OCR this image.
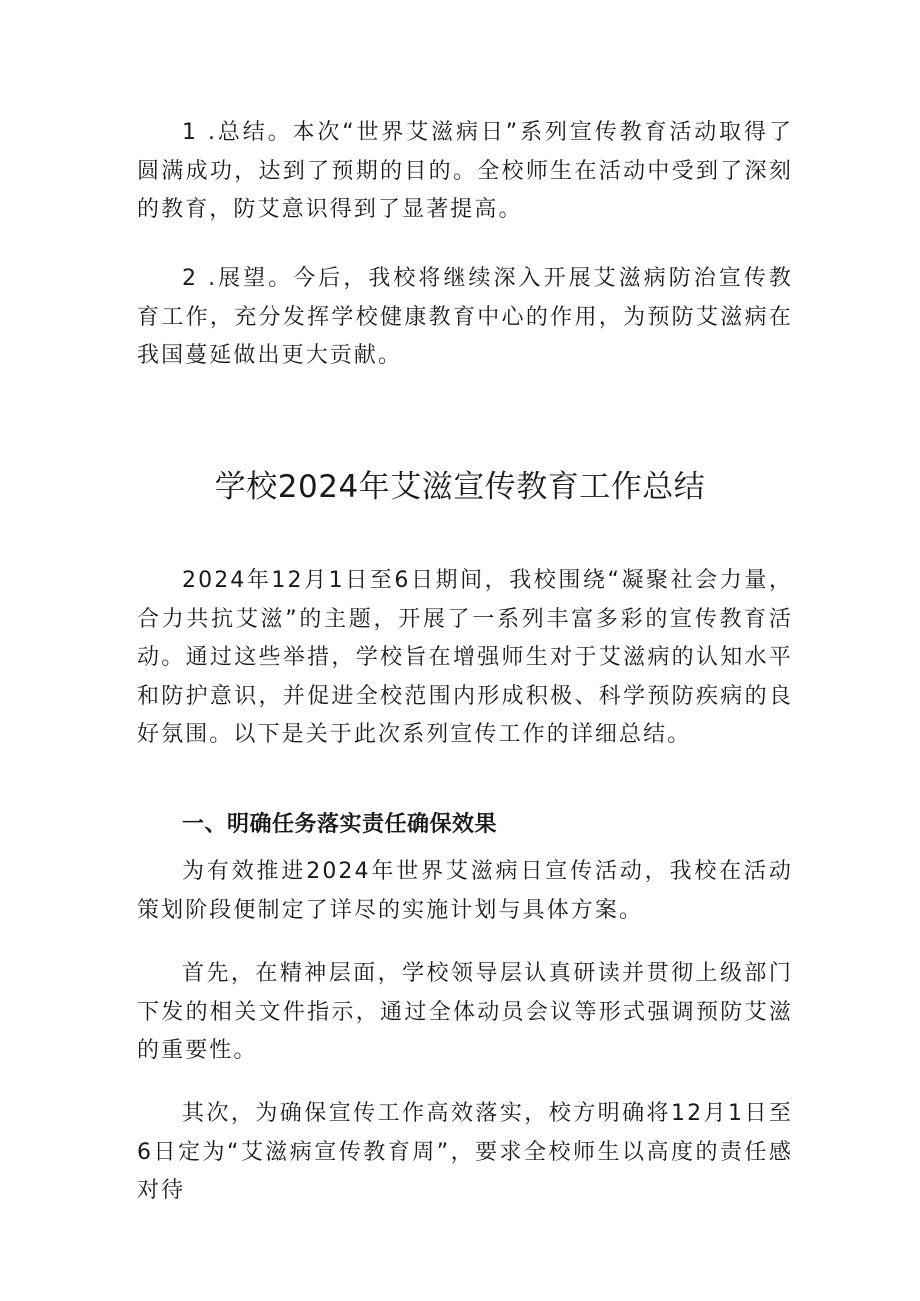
1 .总结。本次“世界艾滋病日”系列宣传教育活动取得了圆满成功，达到了预期的目的。全校师生在活动中受到了深刻的教育，防艾意识得到了显著提高。

2 .展望。今后，我校将继续深入开展艾滋病防治宣传教育工作，充分发挥学校健康教育中心的作用，为预防艾滋病在我国蔓延做出更大贡献。

学校2024年艾滋宣传教育工作总结

2024年12月1日至6日期间，我校围绕“凝聚社会力量，合力共抗艾滋”的主题，开展了一系列丰富多彩的宣传教育活动。通过这些举措，学校旨在增强师生对于艾滋病的认知水平和防护意识，并促进全校范围内形成积极、科学预防疾病的良好氛围。以下是关于此次系列宣传工作的详细总结。

一、明确任务落实责任确保效果

为有效推进2024年世界艾滋病日宣传活动，我校在活动策划阶段便制定了详尽的实施计划与具体方案。

首先，在精神层面，学校领导层认真研读并贯彻上级部门下发的相关文件指示，通过全体动员会议等形式强调预防艾滋的重要性。

其次，为确保宣传工作高效落实，校方明确将12月1日至6日定为“艾滋病宣传教育周”，要求全校师生以高度的责任感对待
